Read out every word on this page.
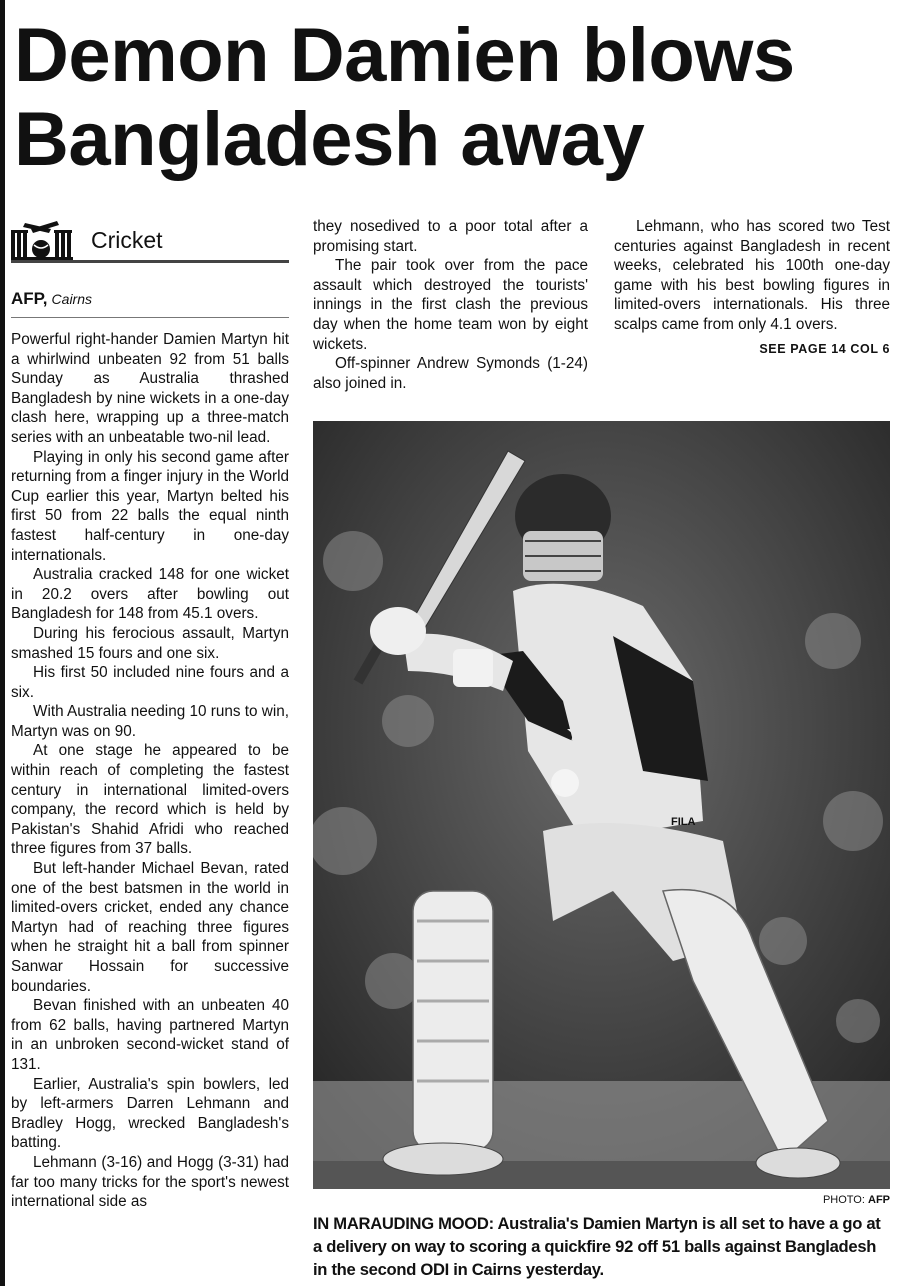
Demon Damien blows
Bangladesh away
Cricket
AFP, Cairns

Powerful right-hander Damien Martyn hit a whirlwind unbeaten 92 from 51 balls Sunday as Australia thrashed Bangladesh by nine wickets in a one-day clash here, wrapping up a three-match series with an unbeatable two-nil lead.

Playing in only his second game after returning from a finger injury in the World Cup earlier this year, Martyn belted his first 50 from 22 balls the equal ninth fastest half-century in one-day internationals.

Australia cracked 148 for one wicket in 20.2 overs after bowling out Bangladesh for 148 from 45.1 overs.

During his ferocious assault, Martyn smashed 15 fours and one six.

His first 50 included nine fours and a six.

With Australia needing 10 runs to win, Martyn was on 90.

At one stage he appeared to be within reach of completing the fastest century in international limited-overs company, the record which is held by Pakistan's Shahid Afridi who reached three figures from 37 balls.

But left-hander Michael Bevan, rated one of the best batsmen in the world in limited-overs cricket, ended any chance Martyn had of reaching three figures when he straight hit a ball from spinner Sanwar Hossain for successive boundaries.

Bevan finished with an unbeaten 40 from 62 balls, having partnered Martyn in an unbroken second-wicket stand of 131.

Earlier, Australia's spin bowlers, led by left-armers Darren Lehmann and Bradley Hogg, wrecked Bangladesh's batting.

Lehmann (3-16) and Hogg (3-31) had far too many tricks for the sport's newest international side as

they nosedived to a poor total after a promising start.

The pair took over from the pace assault which destroyed the tourists' innings in the first clash the previous day when the home team won by eight wickets.

Off-spinner Andrew Symonds (1-24) also joined in.

Lehmann, who has scored two Test centuries against Bangladesh in recent weeks, celebrated his 100th one-day game with his best bowling figures in limited-overs internationals. His three scalps came from only 4.1 overs.

SEE PAGE 14 COL 6
FILA
PHOTO: AFP
IN MARAUDING MOOD: Australia's Damien Martyn is all set to have a go at a delivery on way to scoring a quickfire 92 off 51 balls against Bangladesh in the second ODI in Cairns yesterday.
